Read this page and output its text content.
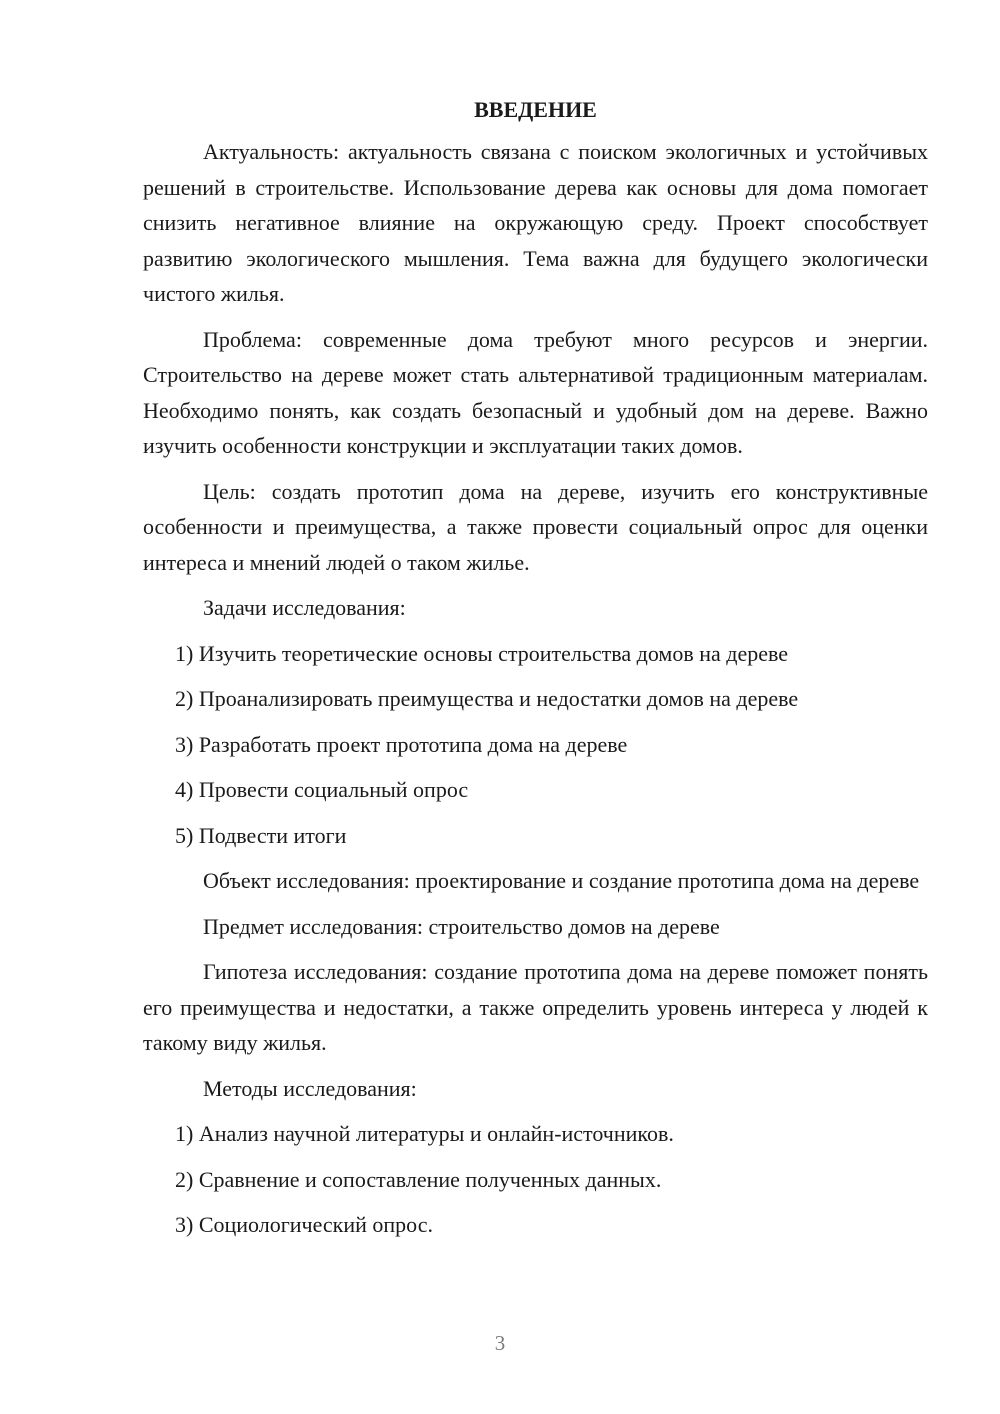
ВВЕДЕНИЕ

Актуальность: актуальность связана с поиском экологичных и устойчивых решений в строительстве. Использование дерева как основы для дома помогает снизить негативное влияние на окружающую среду. Проект способствует развитию экологического мышления. Тема важна для будущего экологически чистого жилья.

Проблема: современные дома требуют много ресурсов и энергии. Строительство на дереве может стать альтернативой традиционным материалам. Необходимо понять, как создать безопасный и удобный дом на дереве. Важно изучить особенности конструкции и эксплуатации таких домов.

Цель: создать прототип дома на дереве, изучить его конструктивные особенности и преимущества, а также провести социальный опрос для оценки интереса и мнений людей о таком жилье.

Задачи исследования:

1) Изучить теоретические основы строительства домов на дереве

2) Проанализировать преимущества и недостатки домов на дереве

3) Разработать проект прототипа дома на дереве

4) Провести социальный опрос

5) Подвести итоги

Объект исследования: проектирование и создание прототипа дома на дереве

Предмет исследования: строительство домов на дереве

Гипотеза исследования: создание прототипа дома на дереве поможет понять его преимущества и недостатки, а также определить уровень интереса у людей к такому виду жилья.

Методы исследования:

1) Анализ научной литературы и онлайн-источников.

2) Сравнение и сопоставление полученных данных.

3) Социологический опрос.

3
